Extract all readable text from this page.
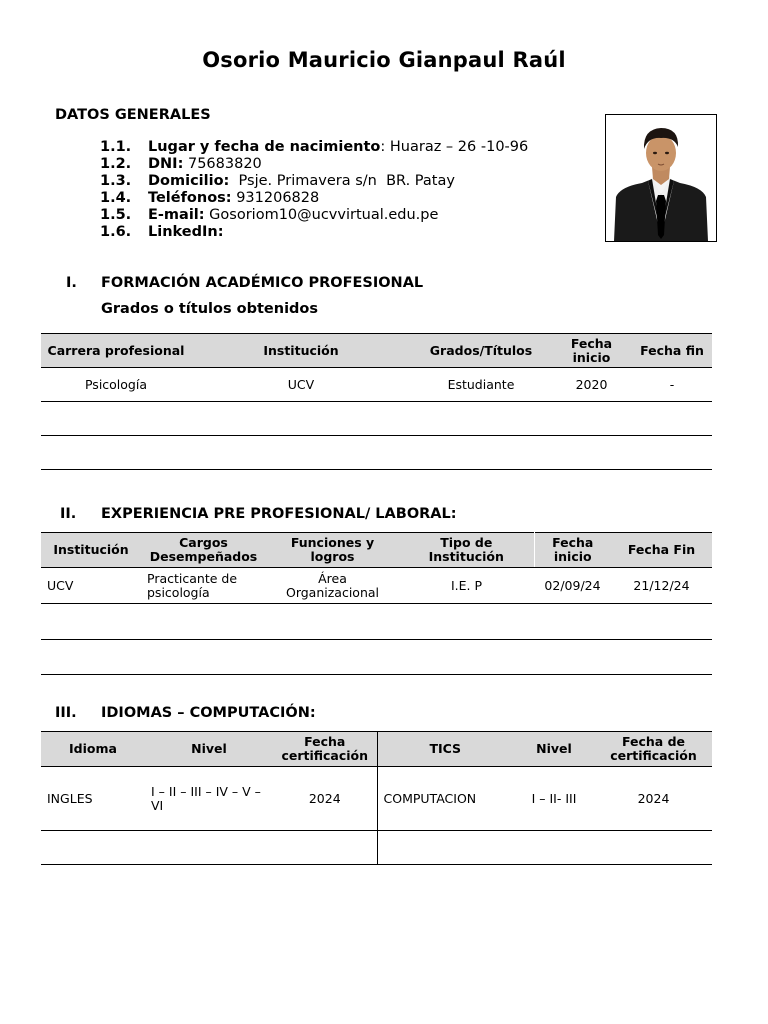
Osorio Mauricio Gianpaul Raúl
DATOS GENERALES
1.1. Lugar y fecha de nacimiento: Huaraz – 26 -10-96
1.2. DNI: 75683820
1.3. Domicilio:  Psje. Primavera s/n  BR. Patay
1.4. Teléfonos: 931206828
1.5. E-mail: Gosoriom10@ucvvirtual.edu.pe
1.6. LinkedIn:
I. FORMACIÓN ACADÉMICO PROFESIONAL
Grados o títulos obtenidos
Carrera profesional	Institución	Grados/Títulos	Fecha inicio	Fecha fin
Psicología	UCV	Estudiante	2020	-

II. EXPERIENCIA PRE PROFESIONAL/ LABORAL:
Institución	Cargos Desempeñados	Funciones y logros	Tipo de Institución	Fecha inicio	Fecha Fin
UCV	Practicante de psicología	Área Organizacional	I.E. P	02/09/24	21/12/24

III. IDIOMAS – COMPUTACIÓN:
Idioma	Nivel	Fecha certificación	TICS	Nivel	Fecha de certificación
INGLES	I – II – III – IV – V – VI	2024	COMPUTACION	I – II- III	2024
